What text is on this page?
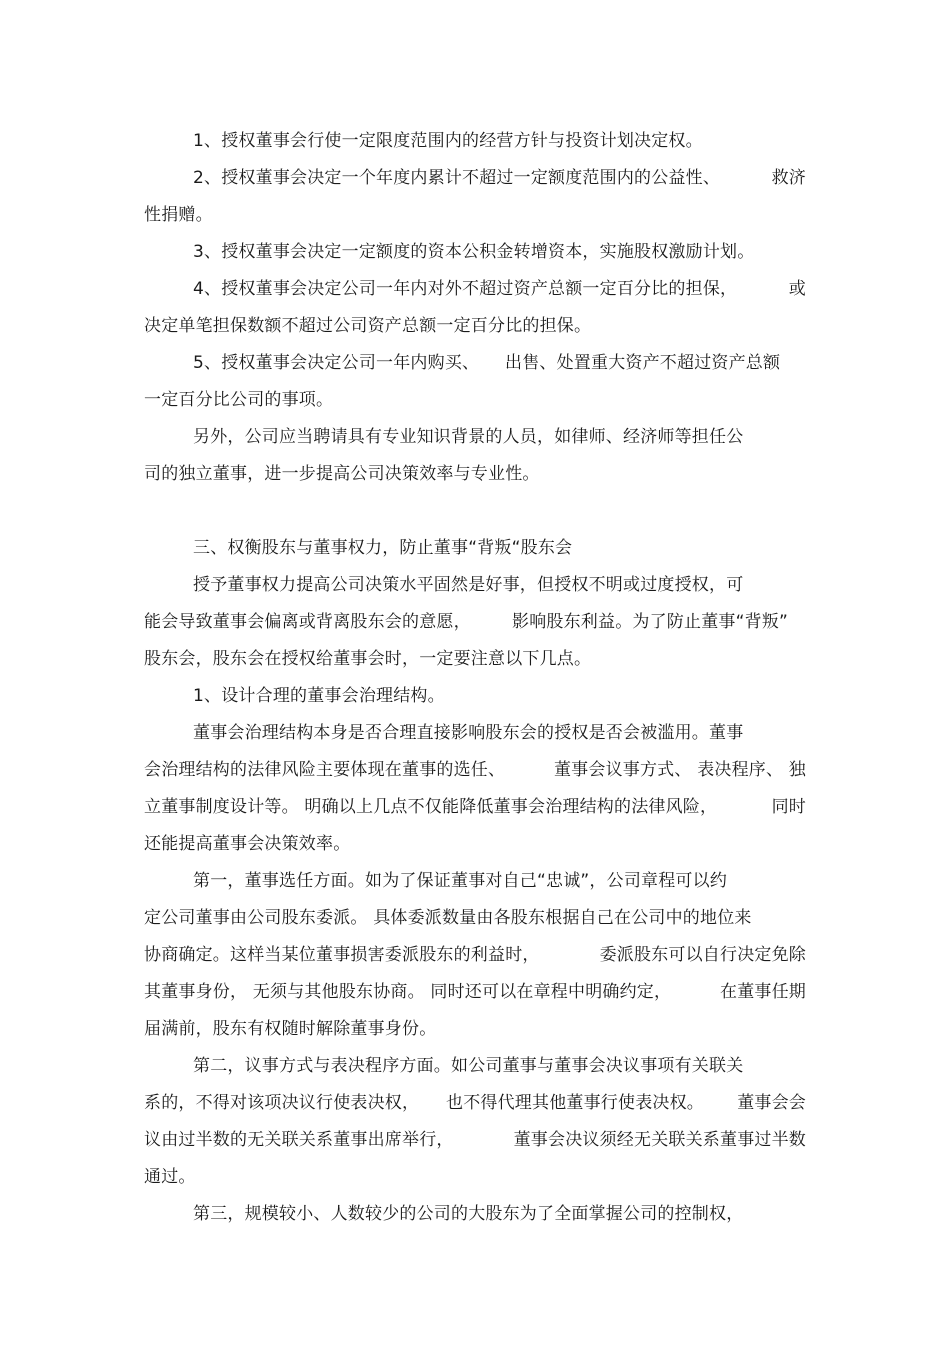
1、授权董事会行使一定限度范围内的经营方针与投资计划决定权。
2、授权董事会决定一个年度内累计不超过一定额度范围内的公益性、	救济
性捐赠。
3、授权董事会决定一定额度的资本公积金转增资本，实施股权激励计划。
4、授权董事会决定公司一年内对外不超过资产总额一定百分比的担保，	或
决定单笔担保数额不超过公司资产总额一定百分比的担保。
5、授权董事会决定公司一年内购买、 出售、处置重大资产不超过资产总额
一定百分比公司的事项。
另外，公司应当聘请具有专业知识背景的人员，如律师、经济师等担任公
司的独立董事，进一步提高公司决策效率与专业性。
三、权衡股东与董事权力，防止董事“背叛“股东会
授予董事权力提高公司决策水平固然是好事，但授权不明或过度授权，可
能会导致董事会偏离或背离股东会的意愿， 影响股东利益。为了防止董事“背叛”
股东会，股东会在授权给董事会时，一定要注意以下几点。
1、设计合理的董事会治理结构。
董事会治理结构本身是否合理直接影响股东会的授权是否会被滥用。董事
会治理结构的法律风险主要体现在董事的选任、	董事会议事方式、 表决程序、 独
立董事制度设计等。 明确以上几点不仅能降低董事会治理结构的法律风险，	同时
还能提高董事会决策效率。
第一，董事选任方面。如为了保证董事对自己“忠诚”，公司章程可以约
定公司董事由公司股东委派。 具体委派数量由各股东根据自己在公司中的地位来
协商确定。这样当某位董事损害委派股东的利益时，	委派股东可以自行决定免除
其董事身份， 无须与其他股东协商。 同时还可以在章程中明确约定，	在董事任期
届满前，股东有权随时解除董事身份。
第二，议事方式与表决程序方面。如公司董事与董事会决议事项有关联关
系的，不得对该项决议行使表决权， 也不得代理其他董事行使表决权。 董事会会
议由过半数的无关联关系董事出席举行，	董事会决议须经无关联关系董事过半数
通过。
第三，规模较小、人数较少的公司的大股东为了全面掌握公司的控制权，
